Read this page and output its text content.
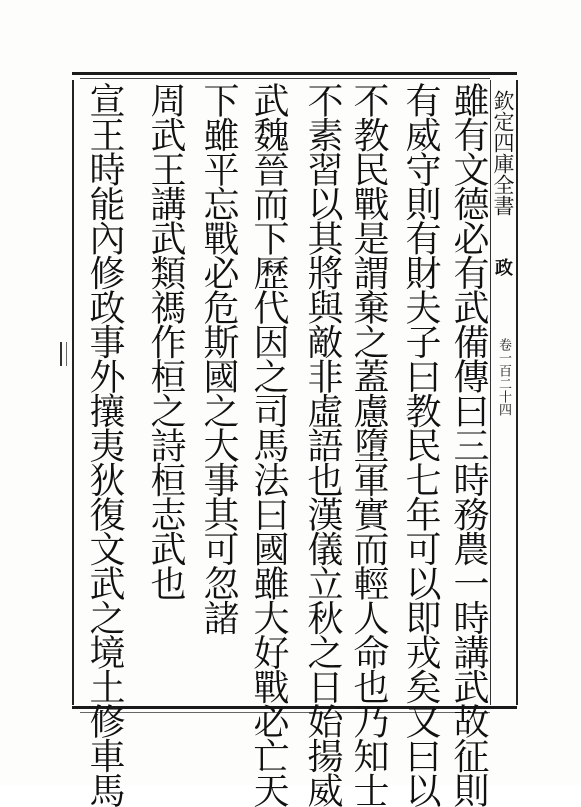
欽定四庫全書
政
卷一百二十四
雖有文德必有武備傳曰三時務農一時講武故征則
有威守則有財夫子曰教民七年可以即戎矣又曰以
不教民戰是謂棄之蓋慮墮軍實而輕人命也乃知士
不素習以其將與敵非虛語也漢儀立秋之日始揚威
武魏晉而下歷代因之司馬法曰國雖大好戰必亡天
下雖平忘戰必危斯國之大事其可忽諸
周武王講武類禡作桓之詩桓志武也
宣王時能內修政事外攘夷狄復文武之境土修車馬
